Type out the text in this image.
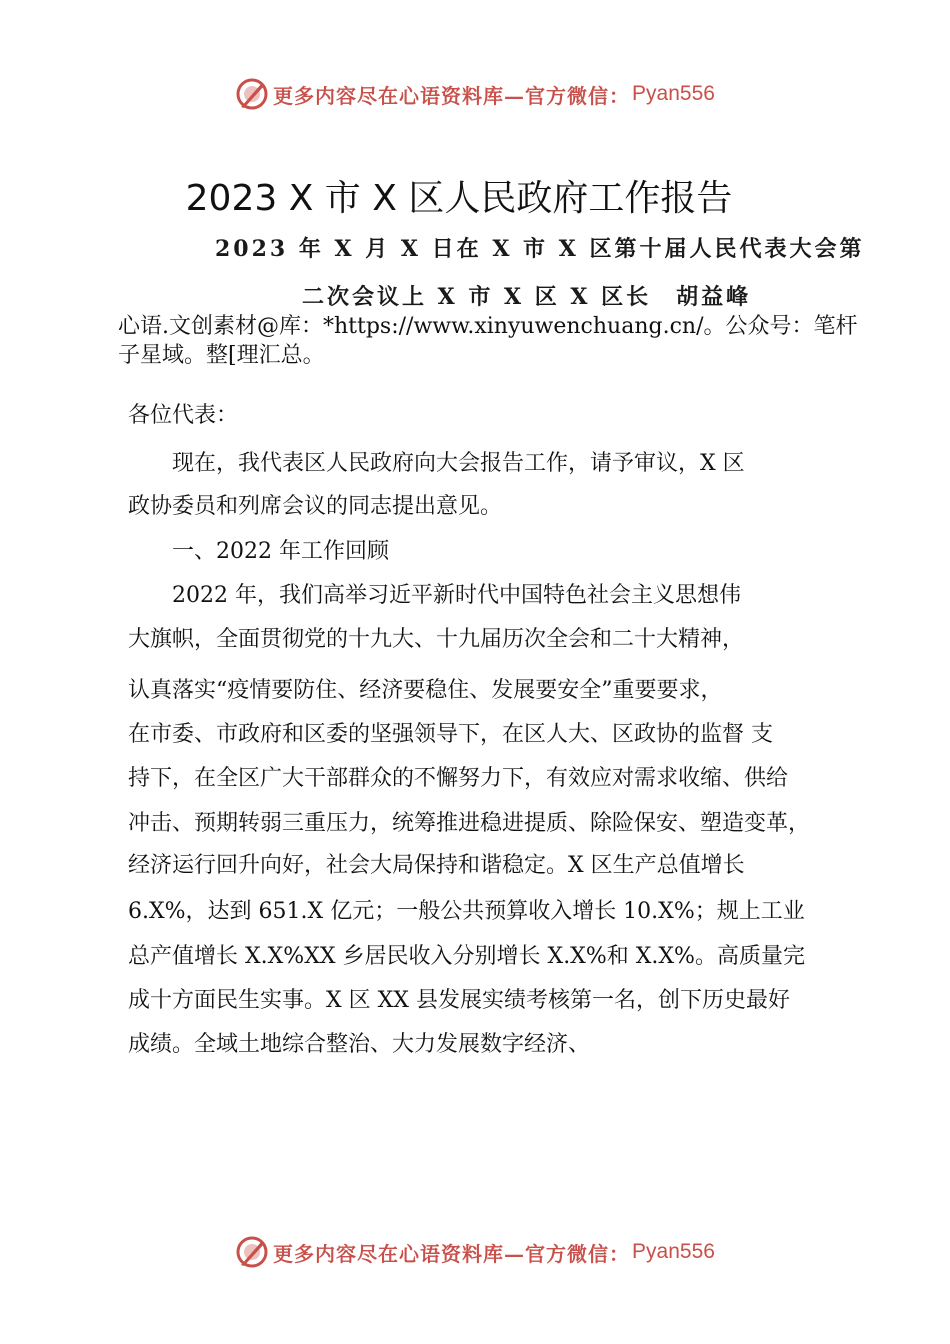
更多内容尽在心语资料库—官方微信： Pyan556
2023 X 市 X 区人民政府工作报告
2023 年 X 月 X 日在 X 市 X 区第十届人民代表大会第
二次会议上 X 市 X 区 X 区长　胡益峰
心语.文创素材@库：*https://www.xinyuwenchuang.cn/。公众号：笔杆子星域。整[理汇总。
各位代表：
　　现在，我代表区人民政府向大会报告工作，请予审议，X 区
政协委员和列席会议的同志提出意见。
　　一、2022 年工作回顾
　　2022 年，我们高举习近平新时代中国特色社会主义思想伟
大旗帜，全面贯彻党的十九大、十九届历次全会和二十大精神，
认真落实“疫情要防住、经济要稳住、发展要安全”重要要求，
在市委、市政府和区委的坚强领导下，在区人大、区政协的监督 支
持下，在全区广大干部群众的不懈努力下，有效应对需求收缩、供给
冲击、预期转弱三重压力，统筹推进稳进提质、除险保安、塑造变革，
经济运行回升向好，社会大局保持和谐稳定。X 区生产总值增长
6.X%，达到 651.X 亿元；一般公共预算收入增长 10.X%；规上工业
总产值增长 X.X%XX 乡居民收入分别增长 X.X%和 X.X%。高质量完
成十方面民生实事。X 区 XX 县发展实绩考核第一名，创下历史最好
成绩。全域土地综合整治、大力发展数字经济、
更多内容尽在心语资料库—官方微信： Pyan556
